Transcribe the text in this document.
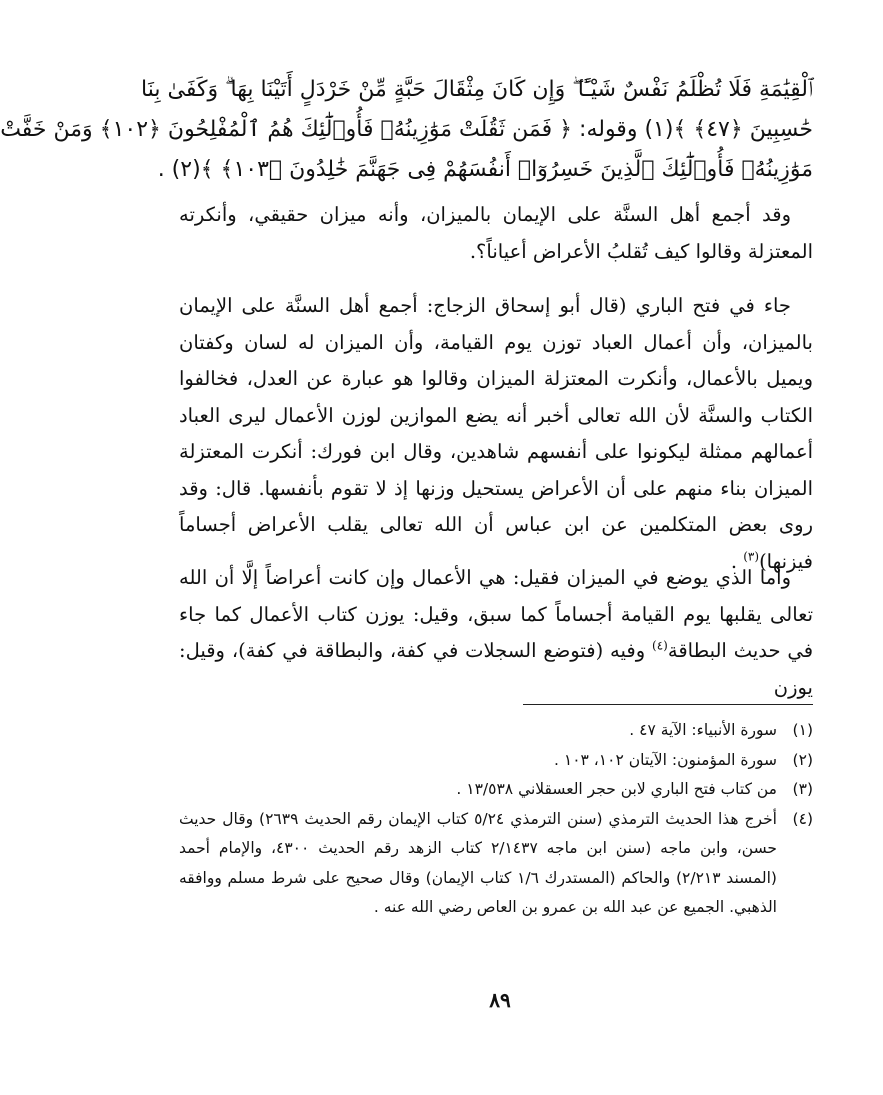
ٱلْقِيَٰمَةِ فَلَا تُظْلَمُ نَفْسٌ شَيْـًٔا ۖ وَإِن كَانَ مِثْقَالَ حَبَّةٍ مِّنْ خَرْدَلٍ أَتَيْنَا بِهَا ۗ وَكَفَىٰ بِنَا
حَٰسِبِينَ ﴿٤٧﴾ ﴾(١) وقوله: ﴿ فَمَن ثَقُلَتْ مَوَٰزِينُهُۥ فَأُو۟لَٰٓئِكَ هُمُ ٱلْمُفْلِحُونَ ﴿١٠٢﴾ وَمَنْ خَفَّتْ
مَوَٰزِينُهُۥ فَأُو۟لَٰٓئِكَ ٱلَّذِينَ خَسِرُوٓا۟ أَنفُسَهُمْ فِى جَهَنَّمَ خَٰلِدُونَ ﴿١٠٣﴾ ﴾(٢) .

وقد أجمع أهل السنَّة على الإيمان بالميزان، وأنه ميزان حقيقي، وأنكرته المعتزلة وقالوا كيف تُقلبُ الأعراض أعياناً؟.

جاء في فتح الباري (قال أبو إسحاق الزجاج: أجمع أهل السنَّة على الإيمان بالميزان، وأن أعمال العباد توزن يوم القيامة، وأن الميزان له لسان وكفتان ويميل بالأعمال، وأنكرت المعتزلة الميزان وقالوا هو عبارة عن العدل، فخالفوا الكتاب والسنَّة لأن الله تعالى أخبر أنه يضع الموازين لوزن الأعمال ليرى العباد أعمالهم ممثلة ليكونوا على أنفسهم شاهدين، وقال ابن فورك: أنكرت المعتزلة الميزان بناء منهم على أن الأعراض يستحيل وزنها إذ لا تقوم بأنفسها. قال: وقد روى بعض المتكلمين عن ابن عباس أن الله تعالى يقلب الأعراض أجساماً فيزنها)$^{(٣)}$ .

وأما الذي يوضع في الميزان فقيل: هي الأعمال وإن كانت أعراضاً إلَّا أن الله تعالى يقلبها يوم القيامة أجساماً كما سبق، وقيل: يوزن كتاب الأعمال كما جاء في حديث البطاقة$^{(٤)}$ وفيه (فتوضع السجلات في كفة، والبطاقة في كفة)، وقيل: يوزن

(١)
سورة الأنبياء: الآية ٤٧ .
(٢)
سورة المؤمنون: الآيتان ١٠٢، ١٠٣ .
(٣)
من كتاب فتح الباري لابن حجر العسقلاني ١٣/٥٣٨ .
(٤)
أخرج هذا الحديث الترمذي (سنن الترمذي ٥/٢٤ كتاب الإيمان رقم الحديث ٢٦٣٩) وقال حديث حسن، وابن ماجه (سنن ابن ماجه ٢/١٤٣٧ كتاب الزهد رقم الحديث ٤٣٠٠، والإمام أحمد (المسند ٢/٢١٣) والحاكم (المستدرك ١/٦ كتاب الإيمان) وقال صحيح على شرط مسلم ووافقه الذهبي. الجميع عن عبد الله بن عمرو بن العاص رضي الله عنه .
٨٩
